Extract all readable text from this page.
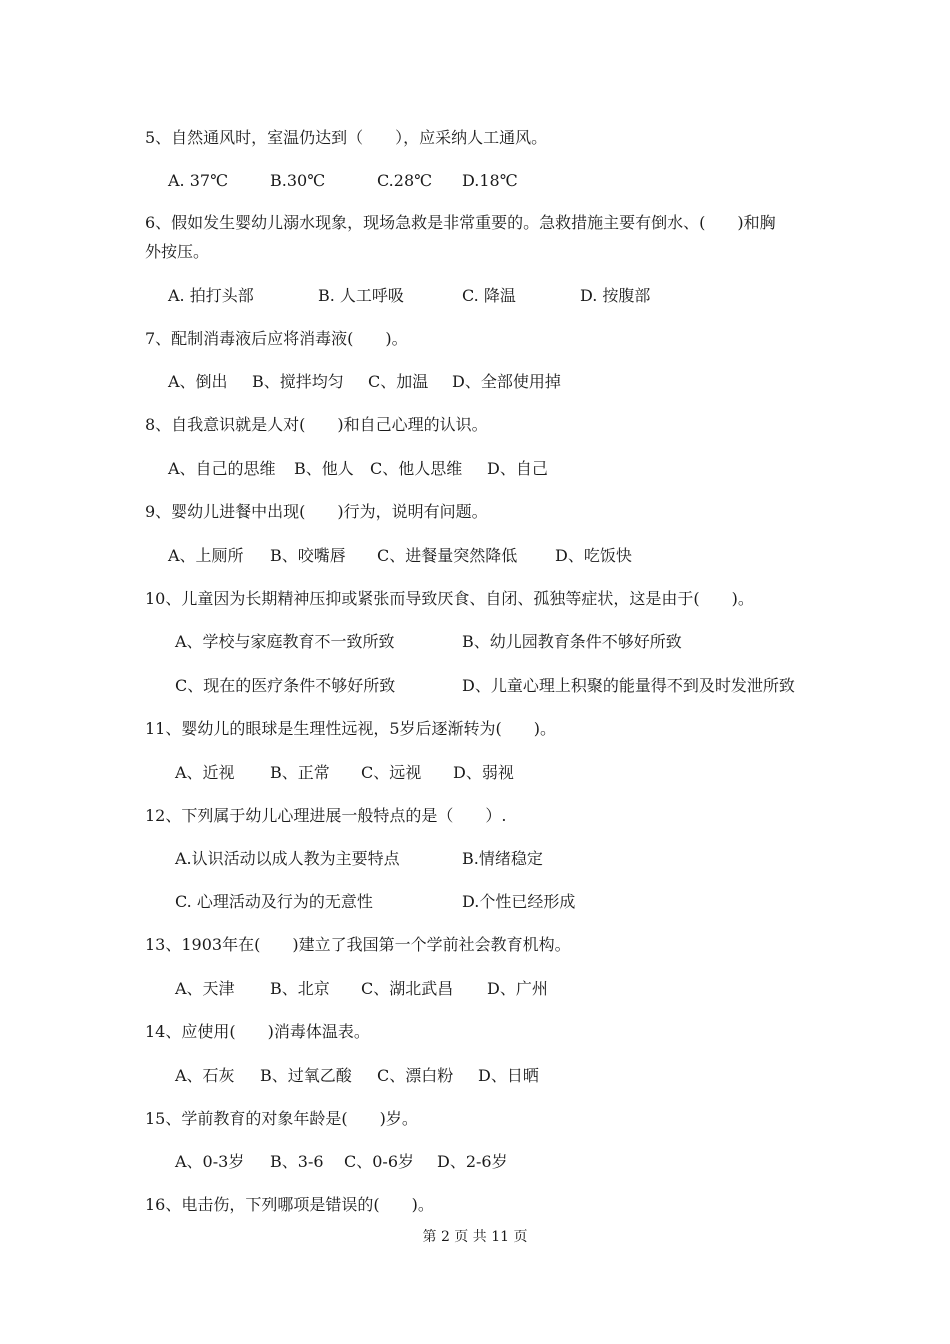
5、自然通风时，室温仍达到（　　），应采纳人工通风。
A. 37℃	B.30℃	C.28℃ D.18℃
6、假如发生婴幼儿溺水现象，现场急救是非常重要的。急救措施主要有倒水、(　　)和胸
外按压。
A. 拍打头部	B. 人工呼吸	C. 降温	D. 按腹部
7、配制消毒液后应将消毒液(　　)。
A、倒出 B、搅拌均匀 C、加温 D、全部使用掉
8、自我意识就是人对(　　)和自己心理的认识。
A、自己的思维 B、他人 C、他人思维 D、自己
9、婴幼儿进餐中出现(　　)行为，说明有问题。
A、上厕所 B、咬嘴唇 C、进餐量突然降低 D、吃饭快
10、儿童因为长期精神压抑或紧张而导致厌食、自闭、孤独等症状，这是由于(　　)。
A、学校与家庭教育不一致所致	B、幼儿园教育条件不够好所致
C、现在的医疗条件不够好所致	D、儿童心理上积聚的能量得不到及时发泄所致
11、婴幼儿的眼球是生理性远视，5岁后逐渐转为(　　)。
A、近视 B、正常 C、远视 D、弱视
12、下列属于幼儿心理进展一般特点的是（　　）.
A.认识活动以成人教为主要特点	B.情绪稳定
C. 心理活动及行为的无意性	D.个性已经形成
13、1903年在(　　)建立了我国第一个学前社会教育机构。
A、天津 B、北京 C、湖北武昌 D、广州
14、应使用(　　)消毒体温表。
A、石灰 B、过氧乙酸 C、漂白粉 D、日晒
15、学前教育的对象年龄是(　　)岁。
A、0-3岁 B、3-6 C、0-6岁 D、2-6岁
16、电击伤，下列哪项是错误的(　　)。
第 2 页 共 11 页
